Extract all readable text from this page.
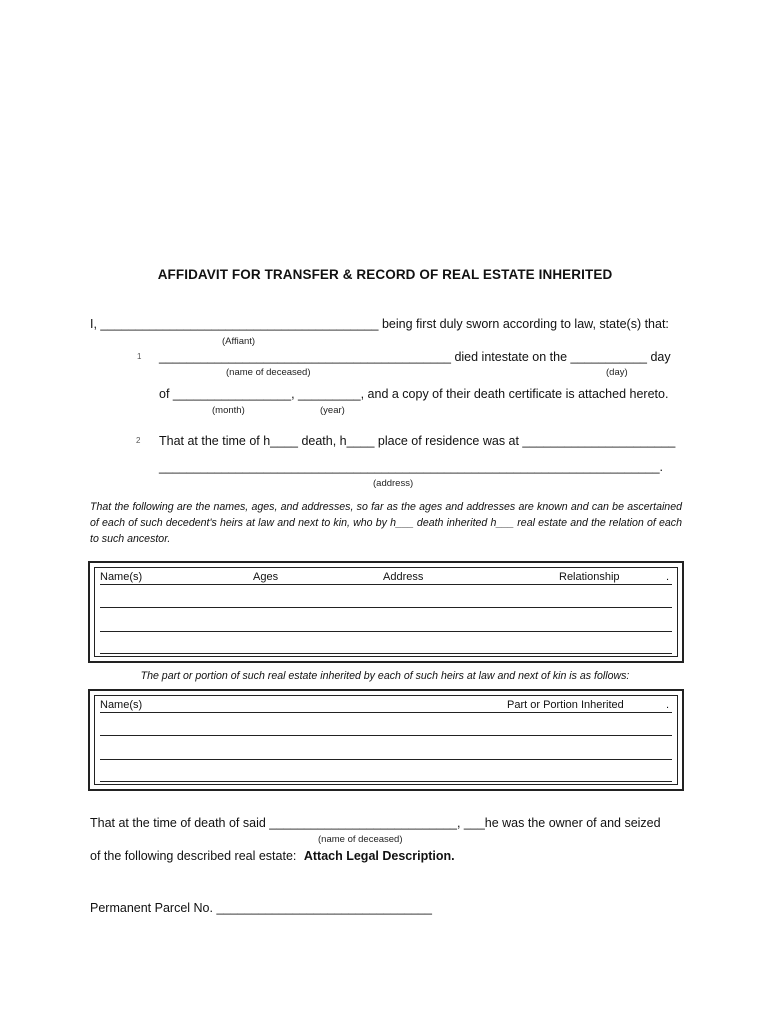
AFFIDAVIT FOR TRANSFER & RECORD OF REAL ESTATE INHERITED
I, ________________________________________ being first duly sworn according to law, state(s) that:
(Affiant)
1 __________________________________________ died intestate on the ___________ day
(name of deceased)	(day)
of _________________, _________, and a copy of their death certificate is attached hereto.
(month)	(year)
2 That at the time of h____ death, h____ place of residence was at ______________________
________________________________________________________________________.
(address)
That the following are the names, ages, and addresses, so far as the ages and addresses are known and can be ascertained of each of such decedent's heirs at law and next to kin, who by h___ death inherited h___ real estate and the relation of each to such ancestor.
Name(s)	Ages	Address	Relationship	.
The part or portion of such real estate inherited by each of such heirs at law and next of kin is as follows:
Name(s)	Part or Portion Inherited	.
That at the time of death of said ___________________________, ___he was the owner of and seized
(name of deceased)
of the following described real estate: Attach Legal Description.
Permanent Parcel No. _______________________________
